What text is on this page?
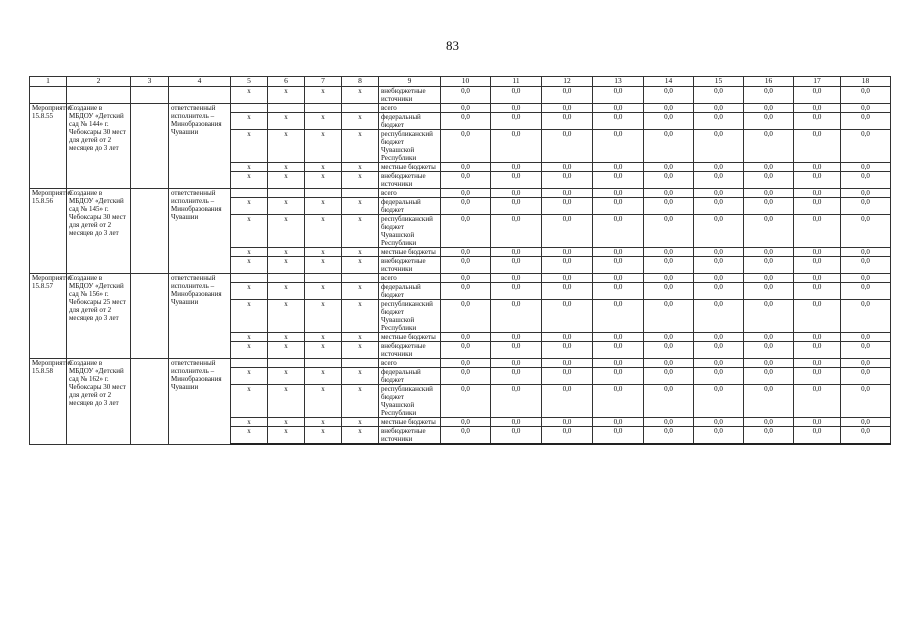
83
1	2	3	4	5	6	7	8	9	10	11	12	13	14	15	16	17	18
				х	х	х	х	внебюджетные источники	0,0	0,0	0,0	0,0	0,0	0,0	0,0	0,0	0,0
Мероприятие 15.8.55	Создание в МБДОУ «Детский сад № 144» г. Чебоксары 30 мест для детей от 2 месяцев до 3 лет		ответственный исполнитель – Минобразования Чувашии					всего	0,0	0,0	0,0	0,0	0,0	0,0	0,0	0,0	0,0
				х	х	х	х	федеральный бюджет	0,0	0,0	0,0	0,0	0,0	0,0	0,0	0,0	0,0
				х	х	х	х	республиканский бюджет Чувашской Республики	0,0	0,0	0,0	0,0	0,0	0,0	0,0	0,0	0,0
				х	х	х	х	местные бюджеты	0,0	0,0	0,0	0,0	0,0	0,0	0,0	0,0	0,0
				х	х	х	х	внебюджетные источники	0,0	0,0	0,0	0,0	0,0	0,0	0,0	0,0	0,0
Мероприятие 15.8.56	Создание в МБДОУ «Детский сад № 145» г. Чебоксары 30 мест для детей от 2 месяцев до 3 лет		ответственный исполнитель – Минобразования Чувашии					всего	0,0	0,0	0,0	0,0	0,0	0,0	0,0	0,0	0,0
				х	х	х	х	федеральный бюджет	0,0	0,0	0,0	0,0	0,0	0,0	0,0	0,0	0,0
				х	х	х	х	республиканский бюджет Чувашской Республики	0,0	0,0	0,0	0,0	0,0	0,0	0,0	0,0	0,0
				х	х	х	х	местные бюджеты	0,0	0,0	0,0	0,0	0,0	0,0	0,0	0,0	0,0
				х	х	х	х	внебюджетные источники	0,0	0,0	0,0	0,0	0,0	0,0	0,0	0,0	0,0
Мероприятие 15.8.57	Создание в МБДОУ «Детский сад № 156» г. Чебоксары 25 мест для детей от 2 месяцев до 3 лет		ответственный исполнитель – Минобразования Чувашии					всего	0,0	0,0	0,0	0,0	0,0	0,0	0,0	0,0	0,0
				х	х	х	х	федеральный бюджет	0,0	0,0	0,0	0,0	0,0	0,0	0,0	0,0	0,0
				х	х	х	х	республиканский бюджет Чувашской Республики	0,0	0,0	0,0	0,0	0,0	0,0	0,0	0,0	0,0
				х	х	х	х	местные бюджеты	0,0	0,0	0,0	0,0	0,0	0,0	0,0	0,0	0,0
				х	х	х	х	внебюджетные источники	0,0	0,0	0,0	0,0	0,0	0,0	0,0	0,0	0,0
Мероприятие 15.8.58	Создание в МБДОУ «Детский сад № 162» г. Чебоксары 30 мест для детей от 2 месяцев до 3 лет		ответственный исполнитель – Минобразования Чувашии					всего	0,0	0,0	0,0	0,0	0,0	0,0	0,0	0,0	0,0
				х	х	х	х	федеральный бюджет	0,0	0,0	0,0	0,0	0,0	0,0	0,0	0,0	0,0
				х	х	х	х	республиканский бюджет Чувашской Республики	0,0	0,0	0,0	0,0	0,0	0,0	0,0	0,0	0,0
				х	х	х	х	местные бюджеты	0,0	0,0	0,0	0,0	0,0	0,0	0,0	0,0	0,0
				х	х	х	х	внебюджетные источники	0,0	0,0	0,0	0,0	0,0	0,0	0,0	0,0	0,0
